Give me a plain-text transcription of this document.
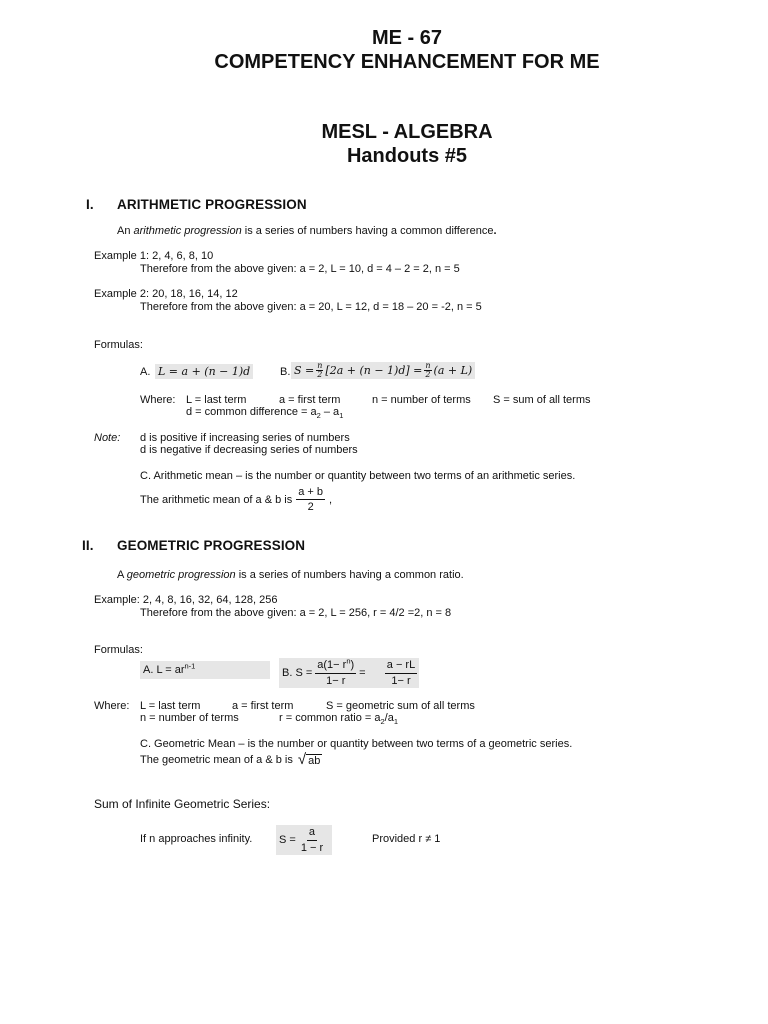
ME - 67
COMPETENCY ENHANCEMENT FOR ME
MESL - ALGEBRA
Handouts #5
I. ARITHMETIC PROGRESSION
An arithmetic progression is a series of numbers having a common difference.
Example 1: 2, 4, 6, 8, 10
Therefore from the above given: a = 2, L = 10, d = 4 – 2 = 2, n = 5
Example 2: 20, 18, 16, 14, 12
Therefore from the above given: a = 20, L = 12, d = 18 – 20 = -2, n = 5
Formulas:
A. L = a + (n − 1)d	B. $S = \frac{n}{2} [2a + (n - 1)d] = \frac{n}{2} (a + L)$
Where: L = last term	a = first term	n = number of terms S = sum of all terms
d = common difference = $a_2 - a_1$
Note: d is positive if increasing series of numbers
d is negative if decreasing series of numbers
C. Arithmetic mean – is the number or quantity between two terms of an arithmetic series.
The arithmetic mean of a & b is $\frac{a + b}{2}$ ,
II. GEOMETRIC PROGRESSION
A geometric progression is a series of numbers having a common ratio.
Example: 2, 4, 8, 16, 32, 64, 128, 256
Therefore from the above given: a = 2, L = 256, r = 4/2 =2, n = 8
Formulas:
A. $L = ar^{n-1}$
B. $S = \frac{a(1- r^n)}{1- r} = \frac{a - rL}{1- r}$
Where: L = last term	a = first term	S = geometric sum of all terms
n = number of terms	r = common ratio = $a_2/a_1$
C. Geometric Mean – is the number or quantity between two terms of a geometric series.
The geometric mean of a & b is √ ab
Sum of Infinite Geometric Series:
If n approaches infinity. $S = \frac{a}{1 - r}$	Provided r ≠ 1
